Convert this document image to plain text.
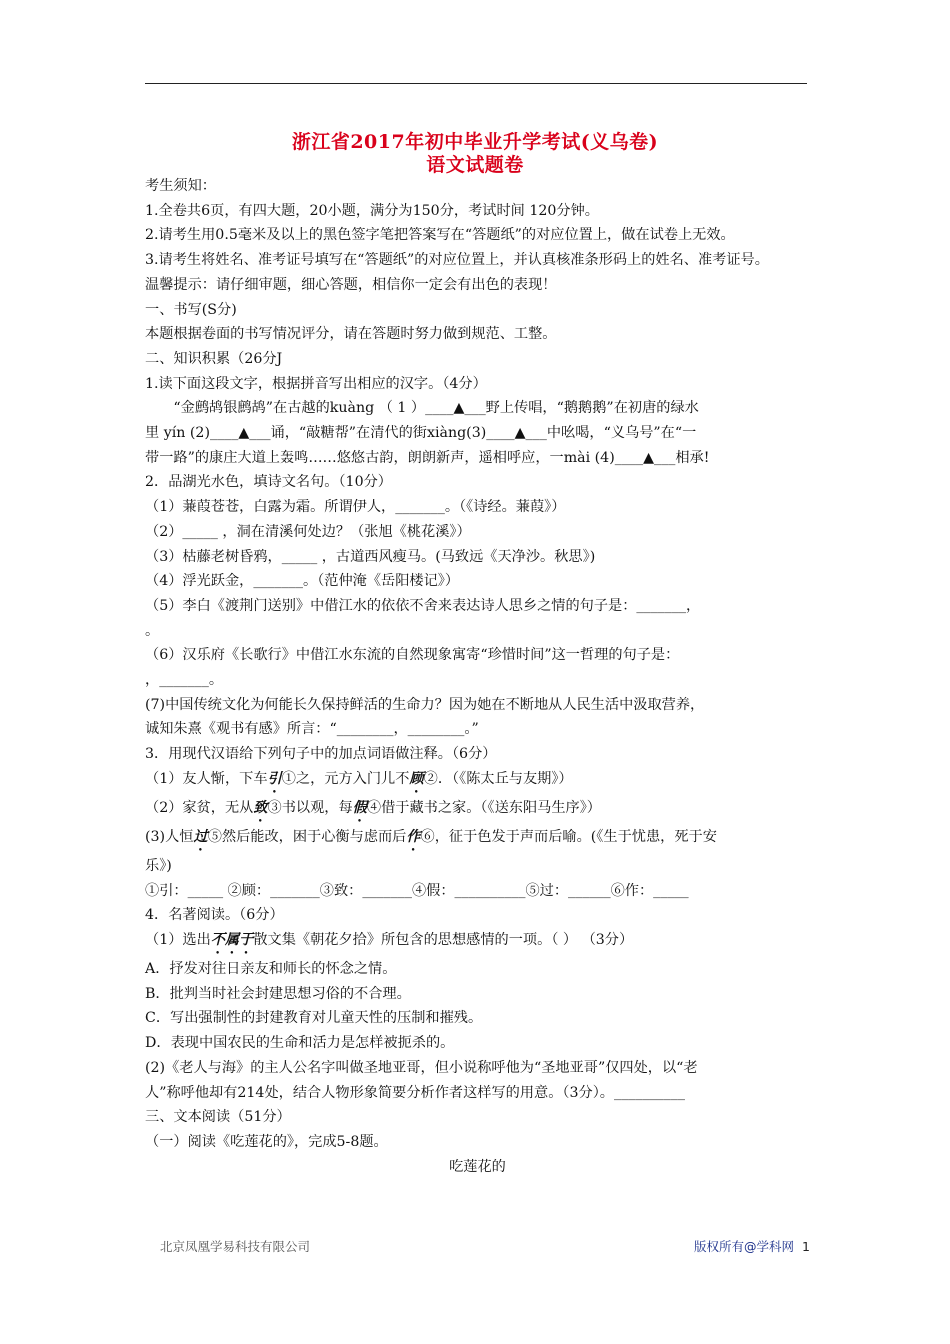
浙江省2017年初中毕业升学考试(义乌卷)
语文试题卷

考生须知：

1.全卷共6页，有四大题，20小题，满分为150分，考试时间 120分钟。

2.请考生用0.5毫米及以上的黑色签字笔把答案写在“答题纸”的对应位置上，做在试卷上无效。

3.请考生将姓名、准考证号填写在“答题纸”的对应位置上，并认真核准条形码上的姓名、准考证号。

温馨提示：请仔细审题，细心答题，相信你一定会有出色的表现！

一、书写(S分)

本题根据卷面的书写情况评分，请在答题时努力做到规范、工整。

二、知识积累（26分J

1.读下面这段文字，根据拼音写出相应的汉字。（4分）

“金鹧鸪银鹧鸪”在古越的kuàng （ 1 ）____▲___野上传唱，“鹅鹅鹅”在初唐的绿水

里 yín (2)____▲___诵，“敲糖帮”在清代的街xiàng(3)____▲___中吆喝，“义乌号”在“一

带一路”的康庄大道上轰鸣……悠悠古韵，朗朗新声，遥相呼应，一mài (4)____▲___相承!

2．品湖光水色，填诗文名句。（10分）

（1）蒹葭苍苍，白露为霜。所谓伊人，_______。（《诗经。蒹葭》）

（2）_____ ，洞在清溪何处边？（张旭《桃花溪》）

（3）枯藤老树昏鸦，_____ ，古道西风瘦马。(马致远《天净沙。秋思》)

（4）浮光跃金，_______。（范仲淹《岳阳楼记》）

（5）李白《渡荆门送别》中借江水的依依不舍来表达诗人思乡之情的句子是：_______，

。

（6）汉乐府《长歌行》中借江水东流的自然现象寓寄“珍惜时间”这一哲理的句子是：

，_______。

(7)中国传统文化为何能长久保持鲜活的生命力？因为她在不断地从人民生活中汲取营养，

诚知朱熹《观书有感》所言：“________，________。”

3．用现代汉语给下列句子中的加点词语做注释。（6分）

（1）友人惭，下车引①之，元方入门儿不顾②．（《陈太丘与友期》）

（2）家贫，无从致③书以观，每假④借于藏书之家。（《送东阳马生序》）

(3)人恒过⑤然后能改，困于心衡与虑而后作⑥，征于色发于声而后喻。(《生于忧患，死于安

乐》)

①引：_____ ②顾：_______③致：_______④假：__________⑤过：______⑥作：_____

4．名著阅读。（6分）

（1）选出不属于散文集《朝花夕拾》所包含的思想感情的一项。（ ） （3分）

A．抒发对往日亲友和师长的怀念之情。

B．批判当时社会封建思想习俗的不合理。

C．写出强制性的封建教育对儿童天性的压制和摧残。

D．表现中国农民的生命和活力是怎样被扼杀的。

(2)《老人与海》的主人公名字叫做圣地亚哥，但小说称呼他为“圣地亚哥”仅四处，以“老

人”称呼他却有214处，结合人物形象简要分析作者这样写的用意。（3分）。__________

三、文本阅读（51分）

（一）阅读《吃莲花的》，完成5-8题。

吃莲花的

北京凤凰学易科技有限公司	版权所有@学科网 1
